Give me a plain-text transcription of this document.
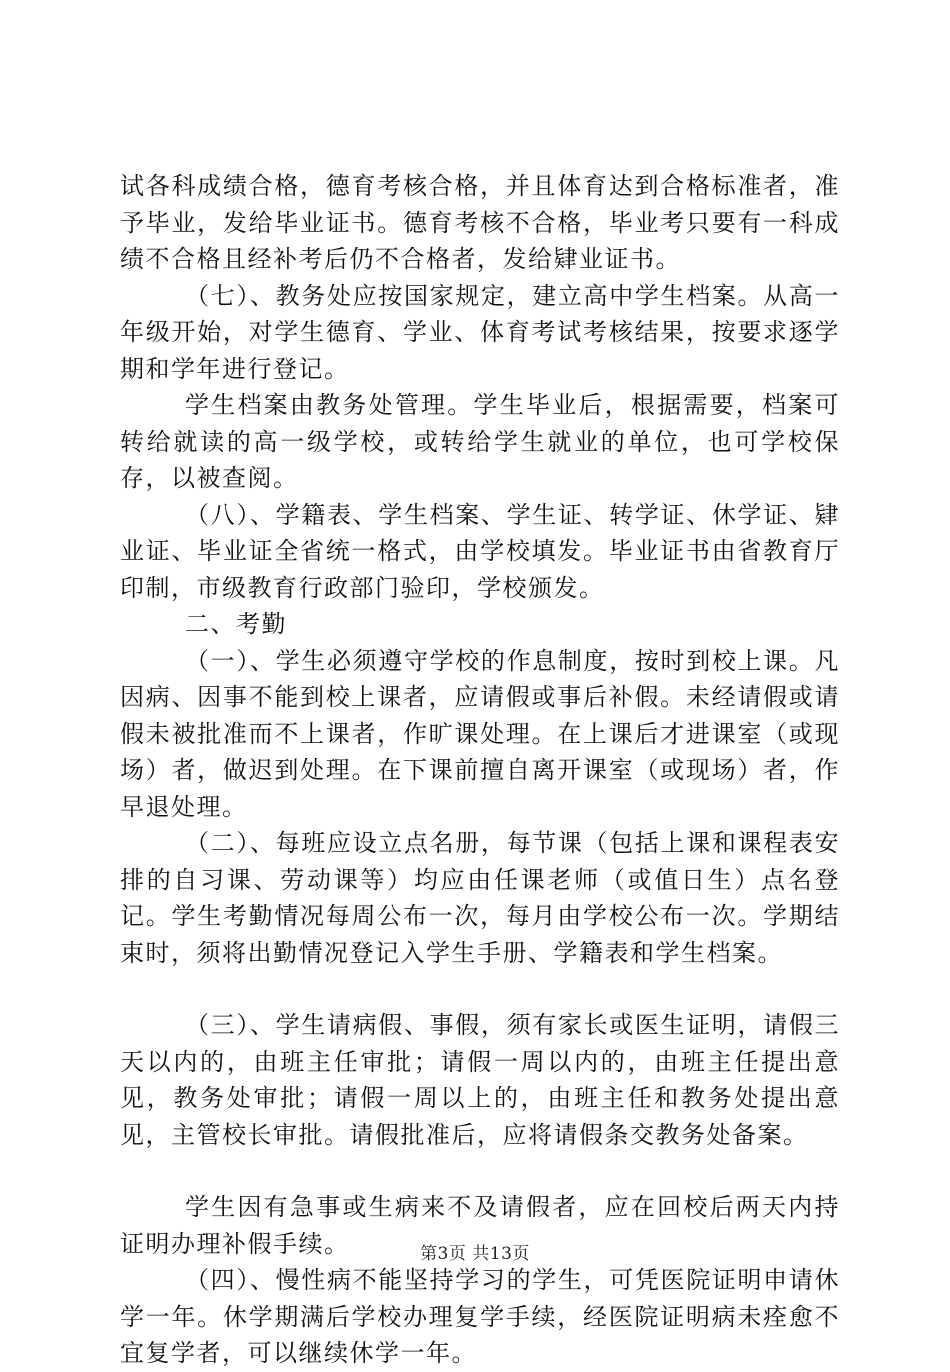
试各科成绩合格，德育考核合格，并且体育达到合格标准者，准予毕业，发给毕业证书。德育考核不合格，毕业考只要有一科成绩不合格且经补考后仍不合格者，发给肄业证书。

（七）、教务处应按国家规定，建立高中学生档案。从高一年级开始，对学生德育、学业、体育考试考核结果，按要求逐学期和学年进行登记。

学生档案由教务处管理。学生毕业后，根据需要，档案可转给就读的高一级学校，或转给学生就业的单位，也可学校保存，以被查阅。

（八）、学籍表、学生档案、学生证、转学证、休学证、肄业证、毕业证全省统一格式，由学校填发。毕业证书由省教育厅印制，市级教育行政部门验印，学校颁发。

二、考勤

（一）、学生必须遵守学校的作息制度，按时到校上课。凡因病、因事不能到校上课者，应请假或事后补假。未经请假或请假未被批准而不上课者，作旷课处理。在上课后才进课室（或现场）者，做迟到处理。在下课前擅自离开课室（或现场）者，作早退处理。

（二）、每班应设立点名册，每节课（包括上课和课程表安排的自习课、劳动课等）均应由任课老师（或值日生）点名登记。学生考勤情况每周公布一次，每月由学校公布一次。学期结束时，须将出勤情况登记入学生手册、学籍表和学生档案。

（三）、学生请病假、事假，须有家长或医生证明，请假三天以内的，由班主任审批；请假一周以内的，由班主任提出意见，教务处审批；请假一周以上的，由班主任和教务处提出意见，主管校长审批。请假批准后，应将请假条交教务处备案。

学生因有急事或生病来不及请假者，应在回校后两天内持证明办理补假手续。

（四）、慢性病不能坚持学习的学生，可凭医院证明申请休学一年。休学期满后学校办理复学手续，经医院证明病未痊愈不宜复学者，可以继续休学一年。

第3页 共13页
